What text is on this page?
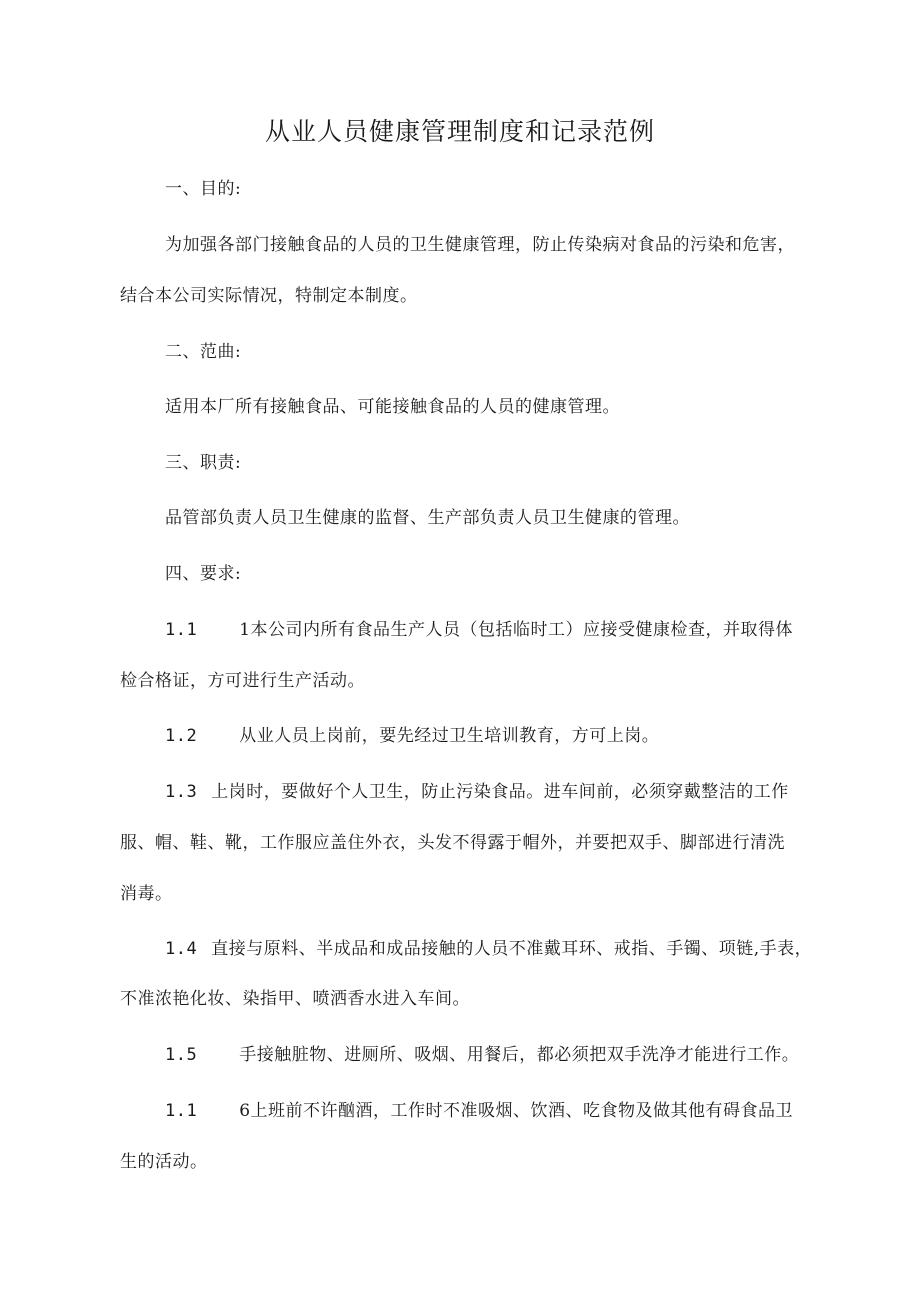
从业人员健康管理制度和记录范例
一、目的:
为加强各部门接触食品的人员的卫生健康管理，防止传染病对食品的污染和危害，
结合本公司实际情况，特制定本制度。
二、范曲:
适用本厂所有接触食品、可能接触食品的人员的健康管理。
三、职责:
品管部负责人员卫生健康的监督、生产部负责人员卫生健康的管理。
四、要求:
1.1 1本公司内所有食品生产人员（包括临时工）应接受健康检查，并取得体
检合格证，方可进行生产活动。
1.2 从业人员上岗前，要先经过卫生培训教育，方可上岗。
1.3 上岗时，要做好个人卫生，防止污染食品。进车间前，必须穿戴整洁的工作
服、帽、鞋、靴，工作服应盖住外衣，头发不得露于帽外，并要把双手、脚部进行清洗
消毒。
1.4 直接与原料、半成品和成品接触的人员不准戴耳环、戒指、手镯、项链,手表，
不准浓艳化妆、染指甲、喷洒香水进入车间。
1.5 手接触脏物、进厕所、吸烟、用餐后，都必须把双手洗净才能进行工作。
1.1 6上班前不许酗酒，工作时不准吸烟、饮酒、吃食物及做其他有碍食品卫
生的活动。
